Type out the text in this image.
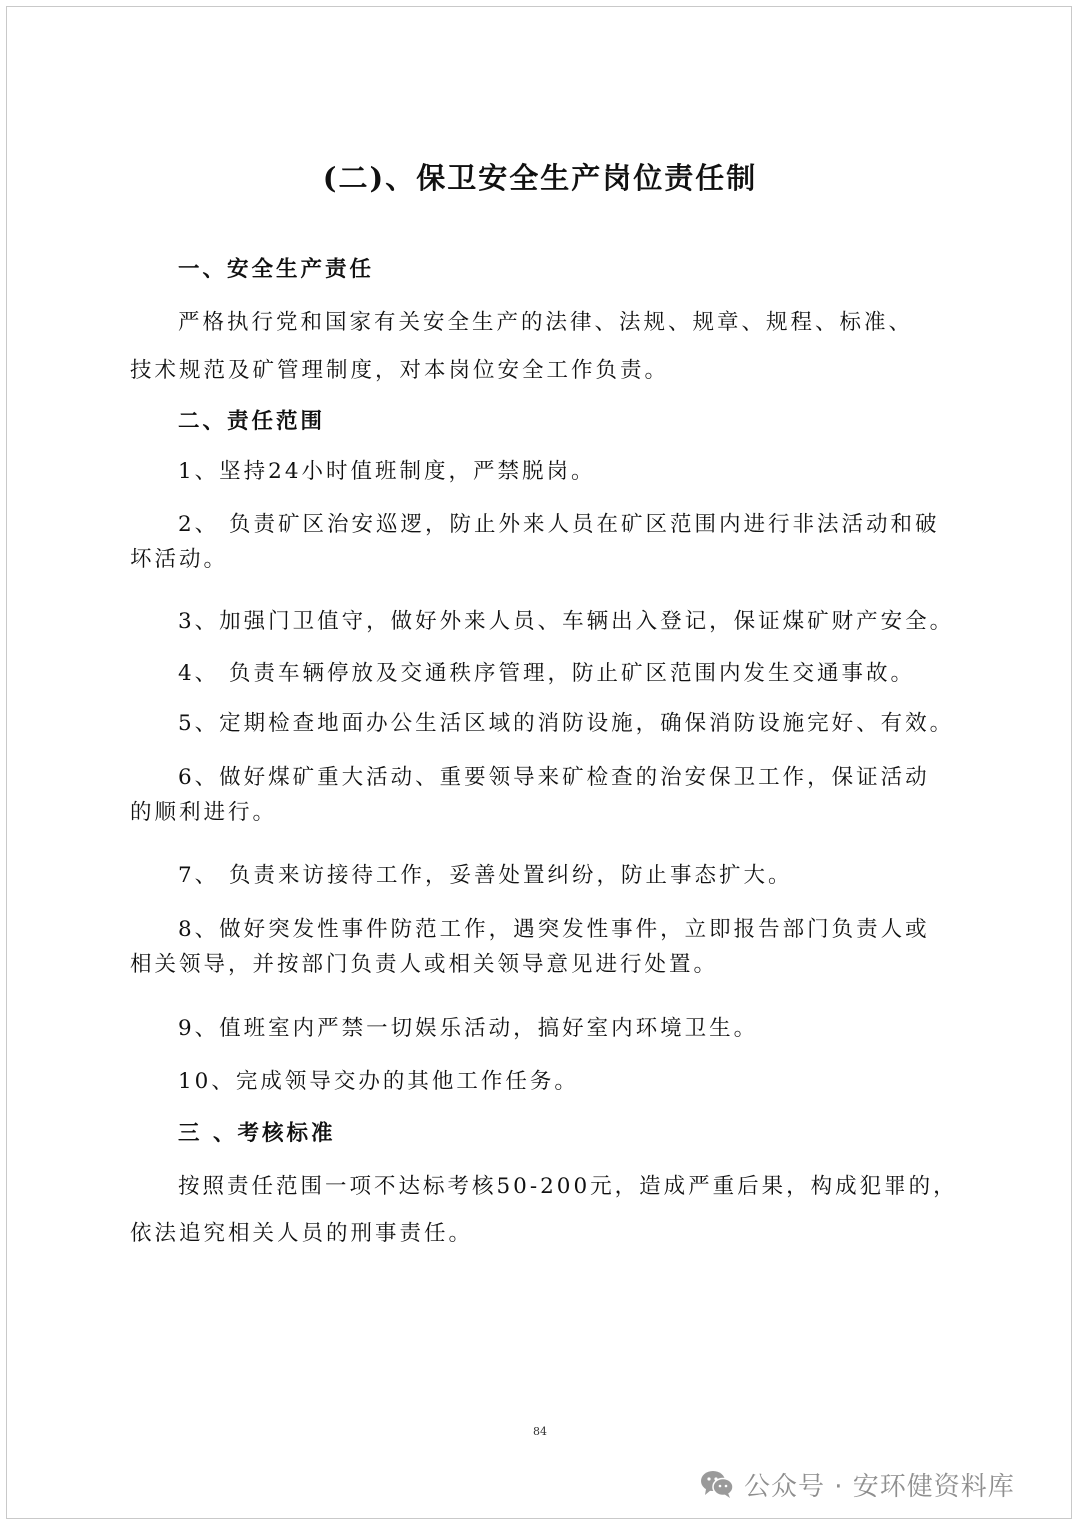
(二)、保卫安全生产岗位责任制
一、安全生产责任
严格执行党和国家有关安全生产的法律、法规、规章、规程、标准、
技术规范及矿管理制度，对本岗位安全工作负责。
二、责任范围
1、坚持24小时值班制度，严禁脱岗。
2、 负责矿区治安巡逻，防止外来人员在矿区范围内进行非法活动和破
坏活动。
3、加强门卫值守，做好外来人员、车辆出入登记，保证煤矿财产安全。
4、 负责车辆停放及交通秩序管理，防止矿区范围内发生交通事故。
5、定期检查地面办公生活区域的消防设施，确保消防设施完好、有效。
6、做好煤矿重大活动、重要领导来矿检查的治安保卫工作，保证活动
的顺利进行。
7、 负责来访接待工作，妥善处置纠纷，防止事态扩大。
8、做好突发性事件防范工作，遇突发性事件，立即报告部门负责人或
相关领导，并按部门负责人或相关领导意见进行处置。
9、值班室内严禁一切娱乐活动，搞好室内环境卫生。
10、完成领导交办的其他工作任务。
三 、考核标准
按照责任范围一项不达标考核50-200元，造成严重后果，构成犯罪的，
依法追究相关人员的刑事责任。
84
公众号 · 安环健资料库
